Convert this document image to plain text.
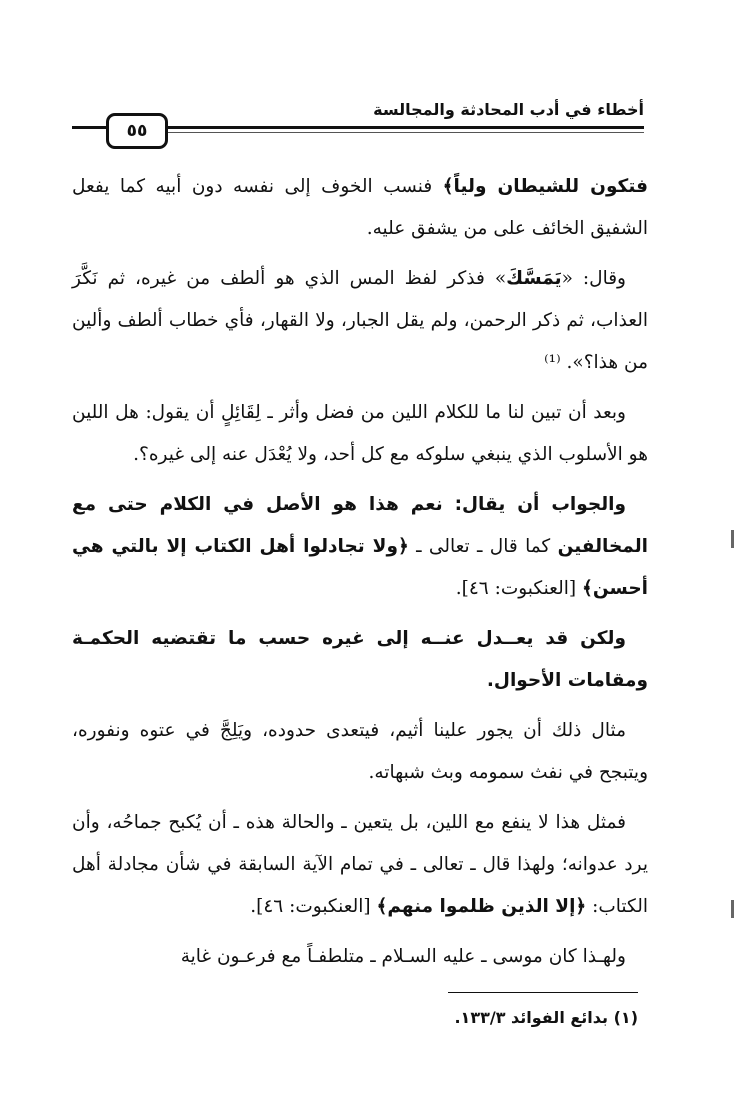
أخطاء في أدب المحادثة والمجالسة
٥٥

فتكون للشيطان ولياً﴾ فنسب الخوف إلى نفسه دون أبيه كما يفعل الشفيق الخائف على من يشفق عليه.

وقال: «يَمَسَّكَ» فذكر لفظ المس الذي هو ألطف من غيره، ثم نَكَّرَ العذاب، ثم ذكر الرحمن، ولم يقل الجبار، ولا القهار، فأي خطاب ألطف وألين من هذا؟». ⁽¹⁾

وبعد أن تبين لنا ما للكلام اللين من فضل وأثر ـ لِقَائِلٍ أن يقول: هل اللين هو الأسلوب الذي ينبغي سلوكه مع كل أحد، ولا يُعْدَل عنه إلى غيره؟.

والجواب أن يقال: نعم هذا هو الأصل في الكلام حتى مع المخالفين كما قال ـ تعالى ـ ﴿ولا تجادلوا أهل الكتاب إلا بالتي هي أحسن﴾ [العنكبوت: ٤٦].

ولكن قد يعــدل عنــه إلى غيره حسب ما تقتضيه الحكمـة ومقامات الأحوال.

مثال ذلك أن يجور علينا أثيم، فيتعدى حدوده، ويَلِجَّ في عتوه ونفوره، ويتبجح في نفث سمومه وبث شبهاته.

فمثل هذا لا ينفع مع اللين، بل يتعين ـ والحالة هذه ـ أن يُكبح جماحُه، وأن يرد عدوانه؛ ولهذا قال ـ تعالى ـ في تمام الآية السابقة في شأن مجادلة أهل الكتاب: ﴿إلا الذين ظلموا منهم﴾ [العنكبوت: ٤٦].

ولهـذا كان موسى ـ عليه السـلام ـ متلطفـاً مع فرعـون غاية

(١) بدائع الفوائد ١٣٣/٣.
